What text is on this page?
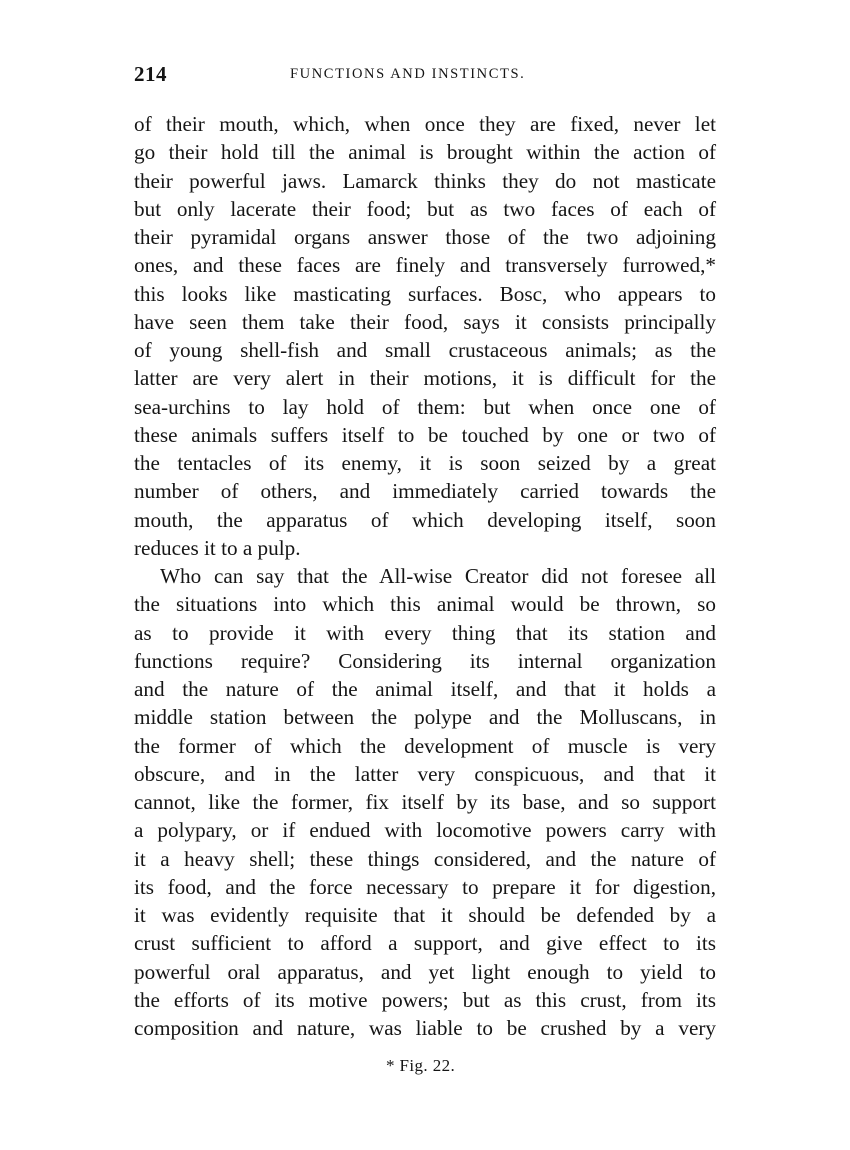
214	FUNCTIONS AND INSTINCTS.
of their mouth, which, when once they are fixed, never let
go their hold till the animal is brought within the action of
their powerful jaws. Lamarck thinks they do not masticate
but only lacerate their food; but as two faces of each of
their pyramidal organs answer those of the two adjoining
ones, and these faces are finely and transversely furrowed,*
this looks like masticating surfaces. Bosc, who appears to
have seen them take their food, says it consists principally
of young shell-fish and small crustaceous animals; as the
latter are very alert in their motions, it is difficult for the
sea-urchins to lay hold of them: but when once one of
these animals suffers itself to be touched by one or two of
the tentacles of its enemy, it is soon seized by a great
number of others, and immediately carried towards the
mouth, the apparatus of which developing itself, soon
reduces it to a pulp.
Who can say that the All-wise Creator did not foresee all
the situations into which this animal would be thrown, so
as to provide it with every thing that its station and
functions require? Considering its internal organization
and the nature of the animal itself, and that it holds a
middle station between the polype and the Molluscans, in
the former of which the development of muscle is very
obscure, and in the latter very conspicuous, and that it
cannot, like the former, fix itself by its base, and so support
a polypary, or if endued with locomotive powers carry with
it a heavy shell; these things considered, and the nature of
its food, and the force necessary to prepare it for digestion,
it was evidently requisite that it should be defended by a
crust sufficient to afford a support, and give effect to its
powerful oral apparatus, and yet light enough to yield to
the efforts of its motive powers; but as this crust, from its
composition and nature, was liable to be crushed by a very
* Fig. 22.
